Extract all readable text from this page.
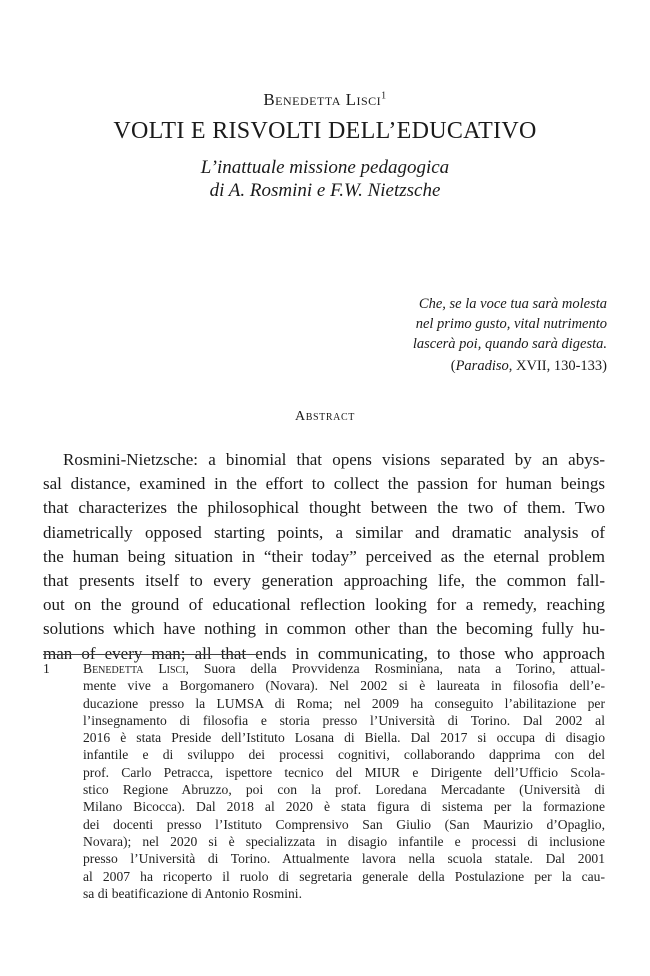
Benedetta Lisci$^1$
VOLTI E RISVOLTI DELL’EDUCATIVO
L’inattuale missione pedagogica
di A. Rosmini e F.W. Nietzsche
Che, se la voce tua sarà molesta
nel primo gusto, vital nutrimento
lascerà poi, quando sarà digesta.
(Paradiso, XVII, 130-133)
Abstract
Rosmini-Nietzsche: a binomial that opens visions separated by an abys-
sal distance, examined in the effort to collect the passion for human beings
that characterizes the philosophical thought between the two of them. Two
diametrically opposed starting points, a similar and dramatic analysis of
the human being situation in “their today” perceived as the eternal problem
that presents itself to every generation approaching life, the common fall-
out on the ground of educational reflection looking for a remedy, reaching
solutions which have nothing in common other than the becoming fully hu-
man of every man; all that ends in communicating, to those who approach
1 Benedetta Lisci, Suora della Provvidenza Rosminiana, nata a Torino, attual-
mente vive a Borgomanero (Novara). Nel 2002 si è laureata in filosofia dell’e-
ducazione presso la LUMSA di Roma; nel 2009 ha conseguito l’abilitazione per
l’insegnamento di filosofia e storia presso l’Università di Torino. Dal 2002 al
2016 è stata Preside dell’Istituto Losana di Biella. Dal 2017 si occupa di disagio
infantile e di sviluppo dei processi cognitivi, collaborando dapprima con del
prof. Carlo Petracca, ispettore tecnico del MIUR e Dirigente dell’Ufficio Scola-
stico Regione Abruzzo, poi con la prof. Loredana Mercadante (Università di
Milano Bicocca). Dal 2018 al 2020 è stata figura di sistema per la formazione
dei docenti presso l’Istituto Comprensivo San Giulio (San Maurizio d’Opaglio,
Novara); nel 2020 si è specializzata in disagio infantile e processi di inclusione
presso l’Università di Torino. Attualmente lavora nella scuola statale. Dal 2001
al 2007 ha ricoperto il ruolo di segretaria generale della Postulazione per la cau-
sa di beatificazione di Antonio Rosmini.
